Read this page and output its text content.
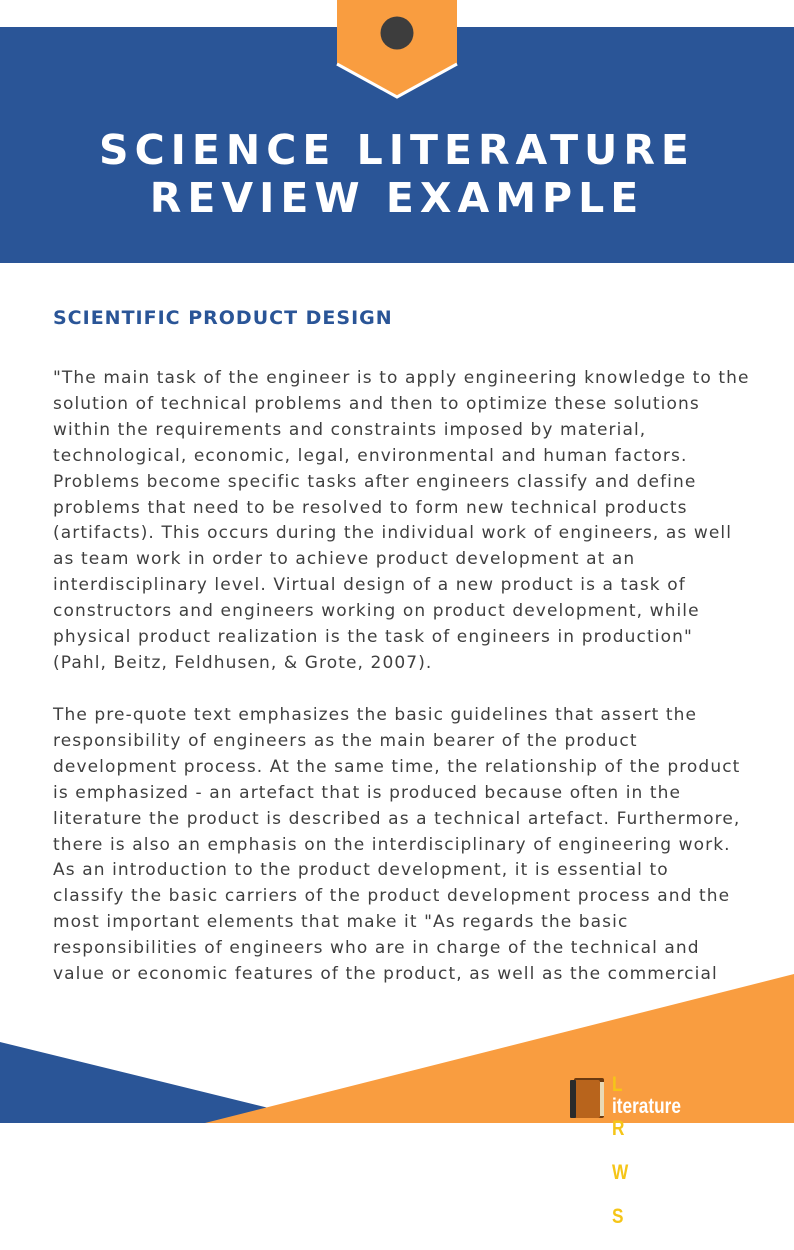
SCIENCE LITERATURE
REVIEW EXAMPLE
SCIENTIFIC PRODUCT DESIGN

"The main task of the engineer is to apply engineering knowledge to the
solution of technical problems and then to optimize these solutions
within the requirements and constraints imposed by material,
technological, economic, legal, environmental and human factors.
Problems become specific tasks after engineers classify and define
problems that need to be resolved to form new technical products
(artifacts). This occurs during the individual work of engineers, as well
as team work in order to achieve product development at an
interdisciplinary level. Virtual design of a new product is a task of
constructors and engineers working on product development, while
physical product realization is the task of engineers in production"
(Pahl, Beitz, Feldhusen, & Grote, 2007).

The pre-quote text emphasizes the basic guidelines that assert the
responsibility of engineers as the main bearer of the product
development process. At the same time, the relationship of the product
is emphasized - an artefact that is produced because often in the
literature the product is described as a technical artefact. Furthermore,
there is also an emphasis on the interdisciplinary of engineering work.
As an introduction to the product development, it is essential to
classify the basic carriers of the product development process and the
most important elements that make it "As regards the basic
responsibilities of engineers who are in charge of the technical and
value or economic features of the product, as well as the commercial

L
iterature
R
eview
W
riting
S
ervice.com
